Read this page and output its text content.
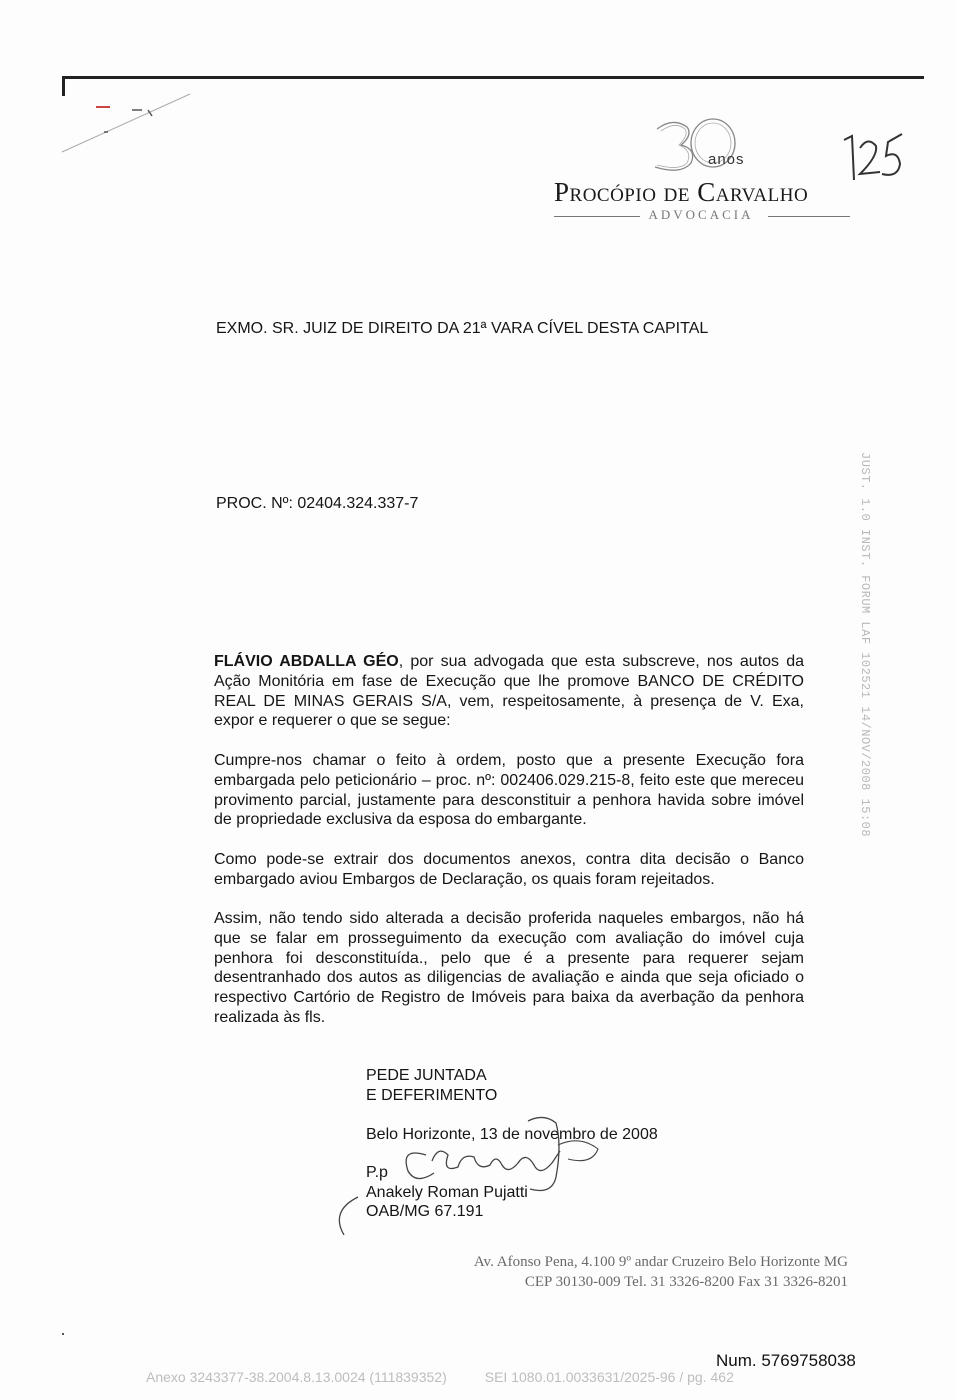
anos
Procópio de Carvalho
ADVOCACIA
JUST. 1.0 INST. FORUM LAF 102521 14/NOV/2008 15:08
EXMO. SR. JUIZ DE DIREITO DA 21ª VARA CÍVEL DESTA CAPITAL
PROC. Nº: 02404.324.337-7
FLÁVIO ABDALLA GÉO, por sua advogada que esta subscreve, nos autos da Ação Monitória em fase de Execução que lhe promove BANCO DE CRÉDITO REAL DE MINAS GERAIS S/A, vem, respeitosamente, à presença de V. Exa, expor e requerer o que se segue:
Cumpre-nos chamar o feito à ordem, posto que a presente Execução fora embargada pelo peticionário – proc. nº: 002406.029.215-8, feito este que mereceu provimento parcial, justamente para desconstituir a penhora havida sobre imóvel de propriedade exclusiva da esposa do embargante.
Como pode-se extrair dos documentos anexos, contra dita decisão o Banco embargado aviou Embargos de Declaração, os quais foram rejeitados.
Assim, não tendo sido alterada a decisão proferida naqueles embargos, não há que se falar em prosseguimento da execução com avaliação do imóvel cuja penhora foi desconstituída., pelo que é a presente para requerer sejam desentranhado dos autos as diligencias de avaliação e ainda que seja oficiado o respectivo Cartório de Registro de Imóveis para baixa da averbação da penhora realizada às fls.
PEDE JUNTADA
E DEFERIMENTO
Belo Horizonte, 13 de novembro de 2008
P.p
Anakely Roman Pujatti
OAB/MG 67.191
Av. Afonso Pena, 4.100 9º andar Cruzeiro Belo Horizonte MG
CEP 30130-009 Tel. 31 3326-8200 Fax 31 3326-8201
Num. 5769758038
Anexo 3243377-38.2004.8.13.0024 (111839352)	SEI 1080.01.0033631/2025-96 / pg. 462
